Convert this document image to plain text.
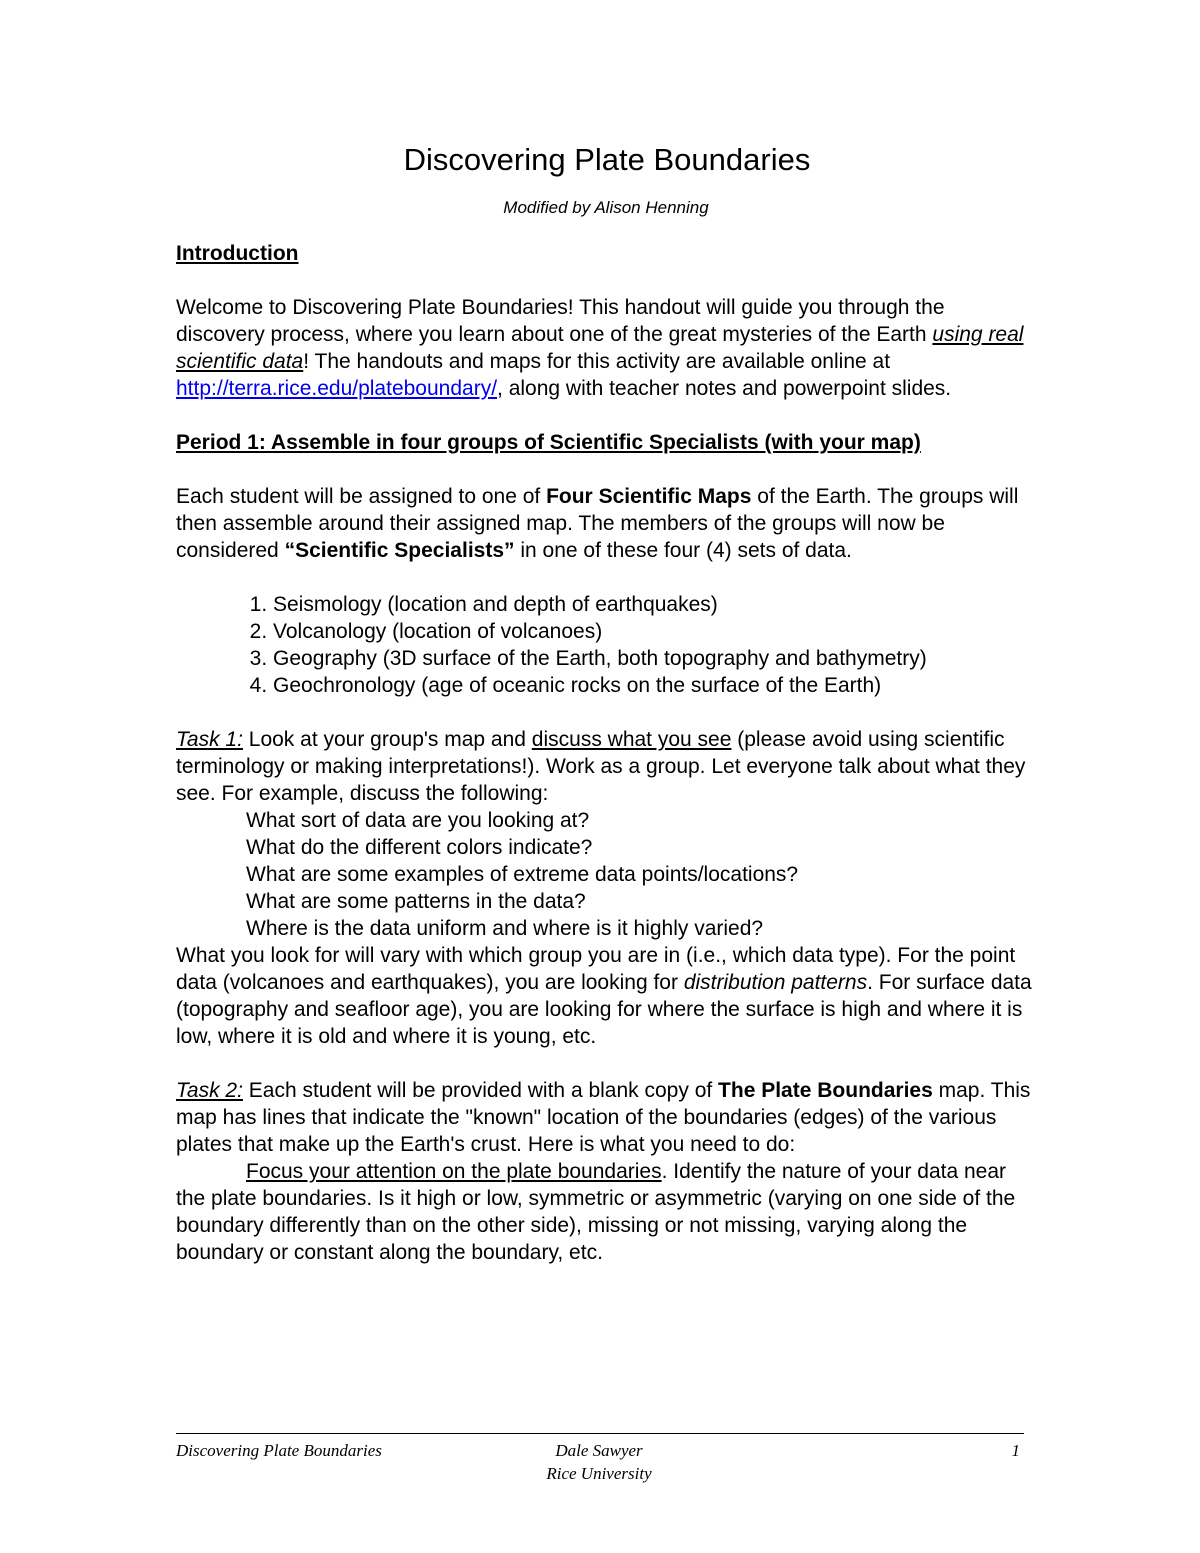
Discovering Plate Boundaries
Modified by Alison Henning

Introduction

Welcome to Discovering Plate Boundaries! This handout will guide you through the discovery process, where you learn about one of the great mysteries of the Earth using real scientific data! The handouts and maps for this activity are available online at http://terra.rice.edu/plateboundary/, along with teacher notes and powerpoint slides.

Period 1: Assemble in four groups of Scientific Specialists (with your map)

Each student will be assigned to one of Four Scientific Maps of the Earth. The groups will then assemble around their assigned map. The members of the groups will now be considered “Scientific Specialists” in one of these four (4) sets of data.

1. Seismology (location and depth of earthquakes)
2. Volcanology (location of volcanoes)
3. Geography (3D surface of the Earth, both topography and bathymetry)
4. Geochronology (age of oceanic rocks on the surface of the Earth)

Task 1: Look at your group's map and discuss what you see (please avoid using scientific terminology or making interpretations!). Work as a group. Let everyone talk about what they see. For example, discuss the following:

What sort of data are you looking at?

What do the different colors indicate?

What are some examples of extreme data points/locations?

What are some patterns in the data?

Where is the data uniform and where is it highly varied?

What you look for will vary with which group you are in (i.e., which data type). For the point data (volcanoes and earthquakes), you are looking for distribution patterns. For surface data (topography and seafloor age), you are looking for where the surface is high and where it is low, where it is old and where it is young, etc.

Task 2: Each student will be provided with a blank copy of The Plate Boundaries map. This map has lines that indicate the "known" location of the boundaries (edges) of the various plates that make up the Earth's crust. Here is what you need to do:

Focus your attention on the plate boundaries. Identify the nature of your data near the plate boundaries. Is it high or low, symmetric or asymmetric (varying on one side of the boundary differently than on the other side), missing or not missing, varying along the boundary or constant along the boundary, etc.

Discovering Plate Boundaries	Dale Sawyer
Rice University
1
